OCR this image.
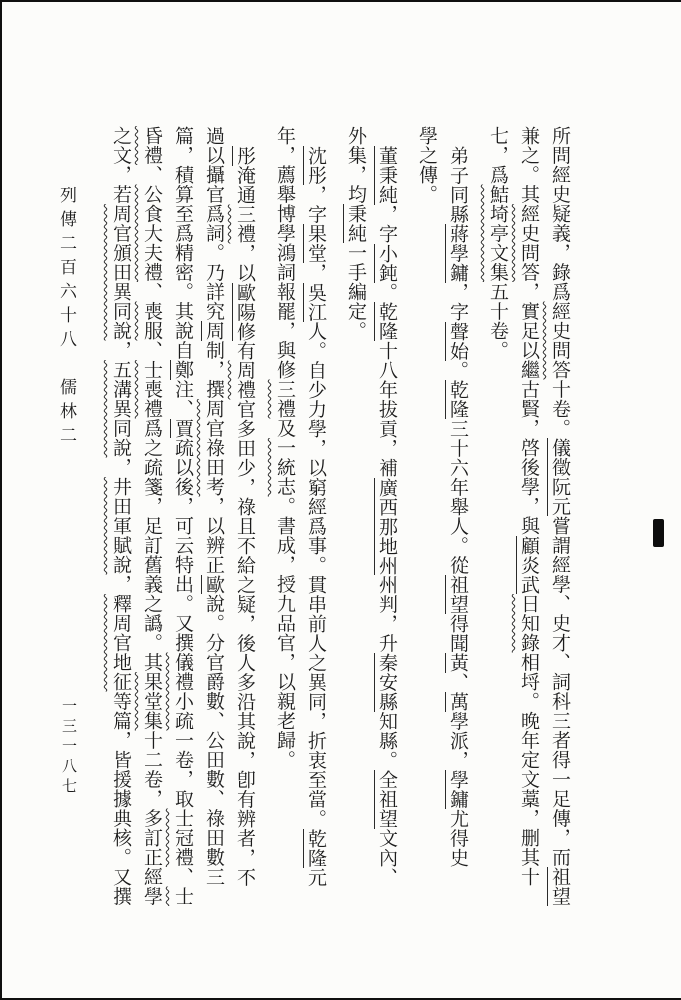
列傳二百六十八　儒林二
一三一八七
所問經史疑義，錄爲經史問答十卷。儀徵阮元嘗謂經學、史才、詞科三者得一足傳，而祖望
兼之。其經史問答，實足以繼古賢，啓後學，與顧炎武日知錄相埒。晚年定文藁，删其十
七，爲鮚埼亭文集五十卷。
弟子同縣蔣學鏞，字聲始。乾隆三十六年舉人。從祖望得聞黃、萬學派，學鏞尤得史
學之傳。
董秉純，字小鈍。乾隆十八年拔貢，補廣西那地州州判，升秦安縣知縣。全祖望文內、
外集，均秉純一手編定。
沈彤，字果堂，吳江人。自少力學，以窮經爲事。貫串前人之異同，折衷至當。乾隆元
年，薦舉博學鴻詞報罷，與修三禮及一統志。書成，授九品官，以親老歸。
彤淹通三禮，以歐陽修有周禮官多田少，祿且不給之疑，後人多沿其說，卽有辨者，不
過以攝官爲詞。乃詳究周制，撰周官祿田考，以辨正歐說。分官爵數、公田數、祿田數三
篇，積算至爲精密。其說自鄭注、賈疏以後，可云特出。又撰儀禮小疏一卷，取士冠禮、士
昏禮、公食大夫禮、喪服、士喪禮爲之疏箋，足訂舊義之譌。其果堂集十二卷，多訂正經學
之文，若周官頒田異同說，五溝異同說，井田軍賦說，釋周官地征等篇，皆援據典核。又撰
